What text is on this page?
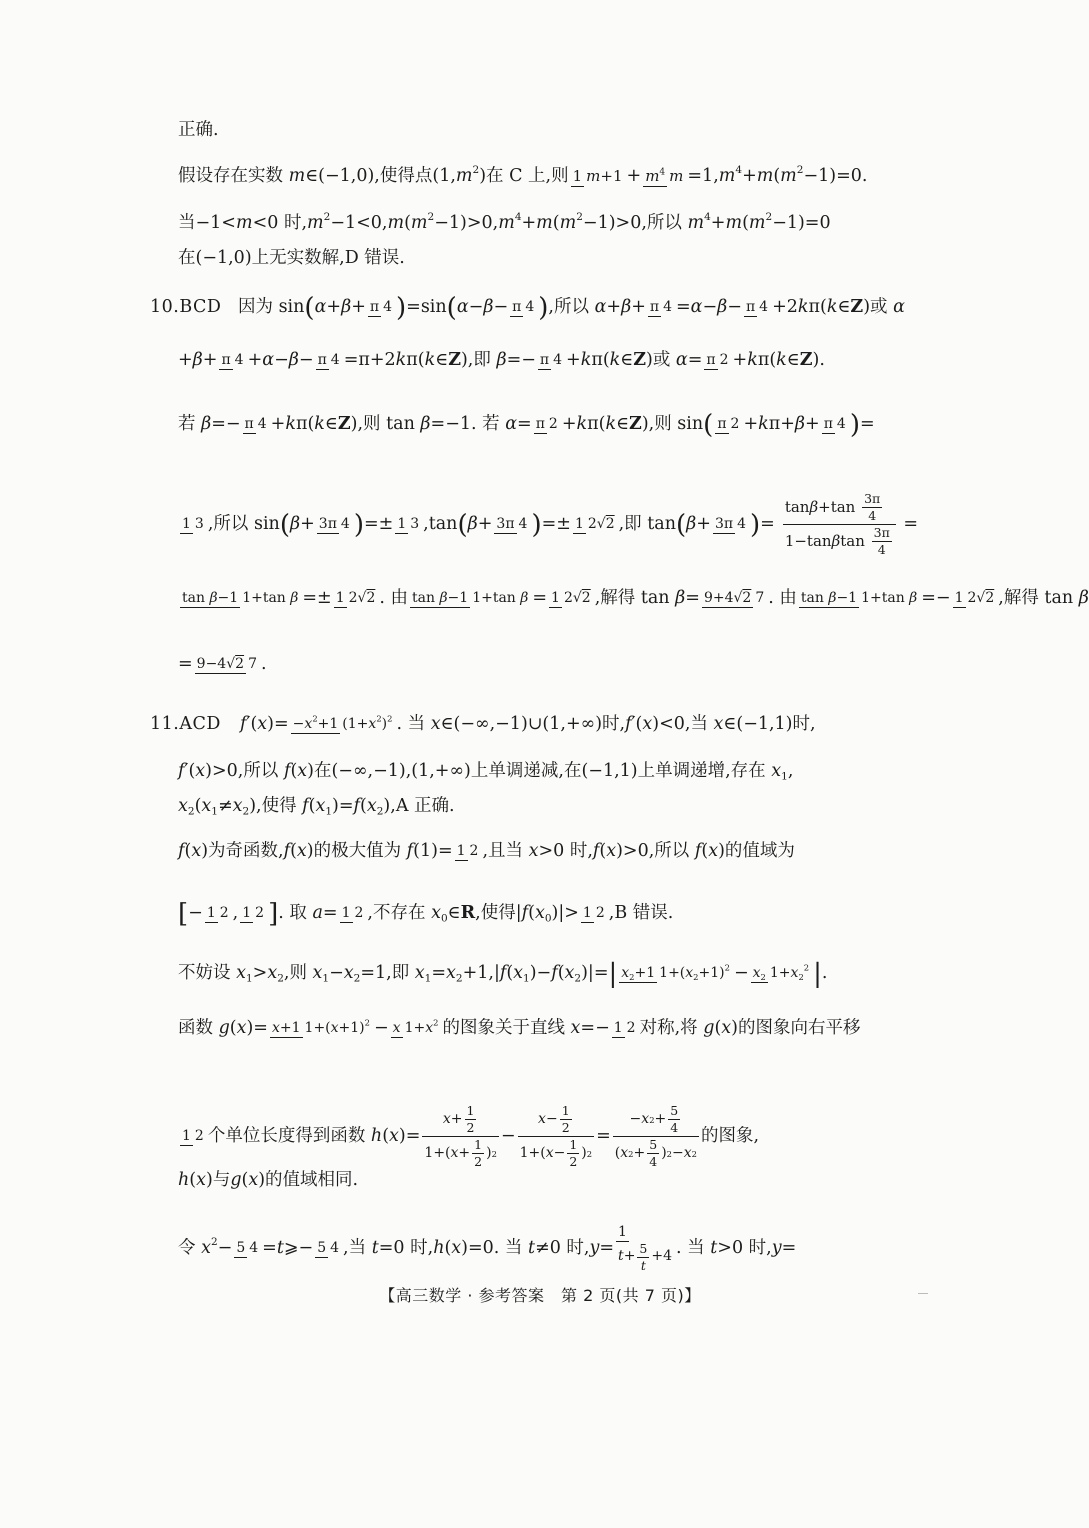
正确.
假设存在实数 m∈(−1,0) ,使得点 $(1,m^2)$ 在 C 上,则 1 $m+1 + m^4$ $m =1,m^4+m(m^2-1)=0$.
当 −1<m<0 时$,m^2-1<0,m(m^2-1)>0,m^4+m(m^2-1)>0$ ,所以 $m^4+m(m^2-1)=0$
在(−1,0)上无实数解,D 错误.
10.BCD 因为 sin ( α+β+ π 4 ) =sin ( α−β− π 4 ) ,所以 α+β+ π 4 =α−β− π 4 +2kπ(k∈Z) 或 α
+β+ π 4 +α−β− π 4 =π+2kπ(k∈Z) ,即 β=− π 4 +kπ(k∈Z) 或 α= π 2 +kπ(k∈Z).
若 β=− π 4 +kπ(k∈Z) ,则 tan β=−1. 若 α= π 2 +kπ(k∈Z) ,则 sin ( π 2 +kπ+β+ π 4 ) =
1 3 ,所以 sin ( β+ 3π 4 ) =± 1 3 ,tan ( β+ 3π 4 ) =± 1 2√2 ,即 tan ( β+ 3π 4 ) = tan β +tan 3π
4
1−tan β tan 3π
4 =
tan β−1 1+tan β =± 1 2√2 . 由 tan β−1 1+tan β = 1 2√2 ,解得 tan β= 9+4√2 7 . 由 tan β−1 1+tan β =− 1 2√2 ,解得 tan β
= 9−4√2 7 .
11.ACD	$f'(x)= -x^2+1$ $(1+x^2)^2$ . 当 x∈(−∞,−1)∪(1,+∞)时,f′(x)<0, 当 x∈(−1,1)时,
f′(x)>0 ,所以 f(x)在(−∞,−1),(1,+∞) 上单调递减,在 (−1,1) 上单调递增,存在 $x_1$,
$x_2(x_1\ne x_2)$ ,使得 $f(x_1)=f(x_2)$ ,A 正确.
f(x) 为奇函数, f(x) 的极大值为 f(1)= 1 2 ,且当 x>0 时,f(x)>0 ,所以 f(x) 的值域为
[ − 1 2 , 1 2 ] . 取 a= 1 2 ,不存在 $x_0\in R$ ,使得 $|f(x_0)|> 1$ 2 ,B 错误.
不妨设 $x_1>x_2$ ,则 $x_1-x_2=1$ ,即 $x_1=x_2+1,|f(x_1)-f(x_2)|=$ | $x_2+1$ $1+(x_2+1)^2 - x_2$ $1+x_2^2$ | .
函数 g(x)= x+1 $1+(x+1)^2 - x$ $1+x^2$ 的图象关于直线 x=− 1 2 对称,将 g(x) 的图象向右平移
1 2 个单位长度得到函数 h(x)= x +
1
2
1+( x +
1
2
) 2 − x −
1
2
1+( x −
1
2
) 2 = − x 2 +
5
4
( x 2 +
5
4
) 2 − x 2 的图象,
h(x) 与 g(x) 的值域相同.
令 $x^2- 5$ 4 =t⩾− 5 4 , 当 t=0 时,h(x)=0. 当 t≠0 时,y= 1
t +
5
t
+4 . 当 t>0 时,y=
【高三数学 · 参考答案　第 2 页(共 7 页)】
